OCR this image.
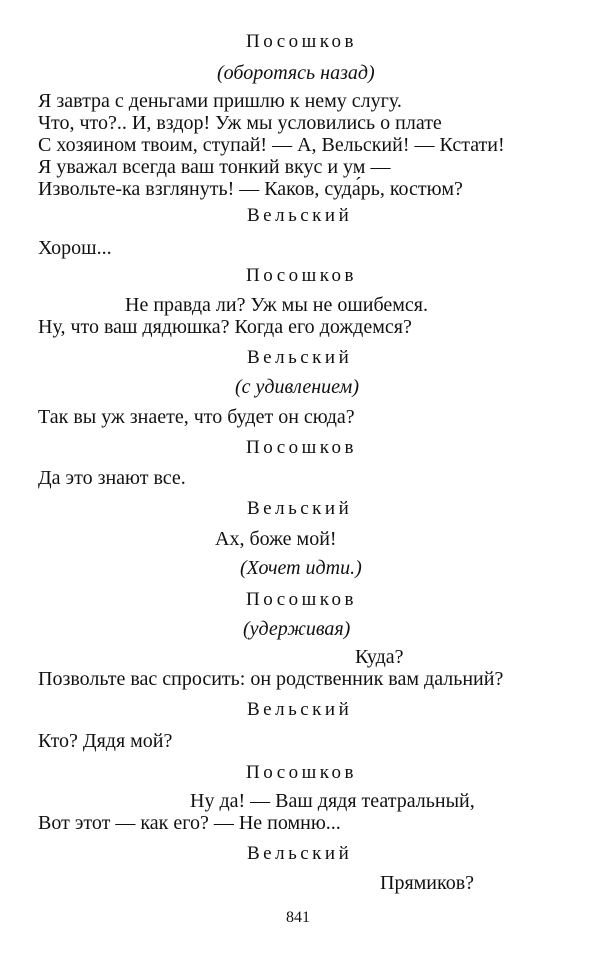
Посошков
(оборотясь назад)
Я завтра с деньгами пришлю к нему слугу.
Что, что?.. И, вздор! Уж мы условились о плате
С хозяином твоим, ступай! — А, Вельский! — Кстати!
Я уважал всегда ваш тонкий вкус и ум —
Извольте-ка взглянуть! — Каков, суда́рь, костюм?
Вельский
Хорош...
Посошков
Не правда ли? Уж мы не ошибемся.
Ну, что ваш дядюшка? Когда его дождемся?
Вельский
(с удивлением)
Так вы уж знаете, что будет он сюда?
Посошков
Да это знают все.
Вельский
Ах, боже мой!
(Хочет идти.)
Посошков
(удерживая)
Куда?
Позвольте вас спросить: он родственник вам дальний?
Вельский
Кто? Дядя мой?
Посошков
Ну да! — Ваш дядя театральный,
Вот этот — как его? — Не помню...
Вельский
Прямиков?
841
